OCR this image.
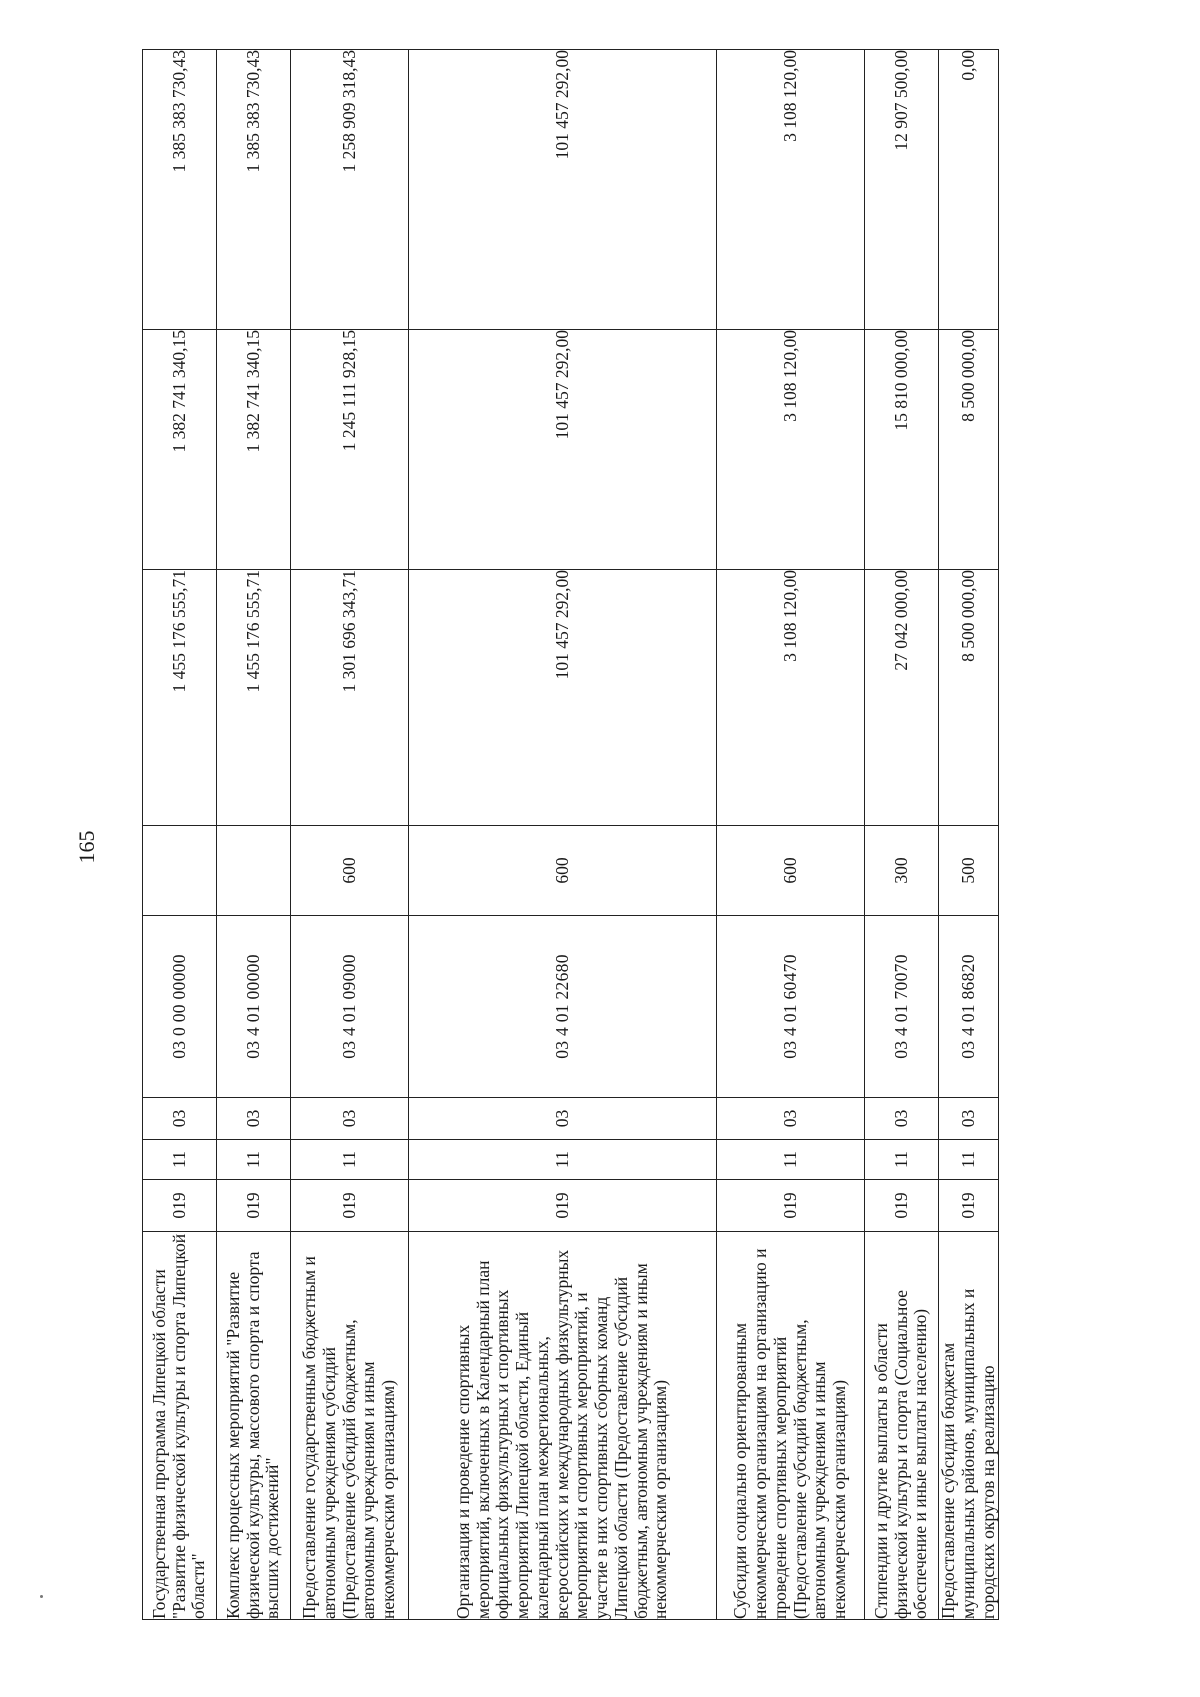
165
Государственная программа Липецкой области "Развитие физической культуры и спорта Липецкой области"	019	11	03	03 0 00 00000		1 455 176 555,71	1 382 741 340,15	1 385 383 730,43
Комплекс процессных мероприятий "Развитие физической культуры, массового спорта и спорта высших достижений"	019	11	03	03 4 01 00000		1 455 176 555,71	1 382 741 340,15	1 385 383 730,43
Предоставление государственным бюджетным и автономным учреждениям субсидий (Предоставление субсидий бюджетным, автономным учреждениям и иным некоммерческим организациям)	019	11	03	03 4 01 09000	600	1 301 696 343,71	1 245 111 928,15	1 258 909 318,43
Организация и проведение спортивных мероприятий, включенных в Календарный план официальных физкультурных и спортивных мероприятий Липецкой области, Единый календарный план межрегиональных, всероссийских и международных физкультурных мероприятий и спортивных мероприятий, и участие в них спортивных сборных команд Липецкой области (Предоставление субсидий бюджетным, автономным учреждениям и иным некоммерческим организациям)	019	11	03	03 4 01 22680	600	101 457 292,00	101 457 292,00	101 457 292,00
Субсидии социально ориентированным некоммерческим организациям на организацию и проведение спортивных мероприятий (Предоставление субсидий бюджетным, автономным учреждениям и иным некоммерческим организациям)	019	11	03	03 4 01 60470	600	3 108 120,00	3 108 120,00	3 108 120,00
Стипендии и другие выплаты в области физической культуры и спорта (Социальное обеспечение и иные выплаты населению)	019	11	03	03 4 01 70070	300	27 042 000,00	15 810 000,00	12 907 500,00
Предоставление субсидии бюджетам муниципальных районов, муниципальных и городских округов на реализацию	019	11	03	03 4 01 86820	500	8 500 000,00	8 500 000,00	0,00
